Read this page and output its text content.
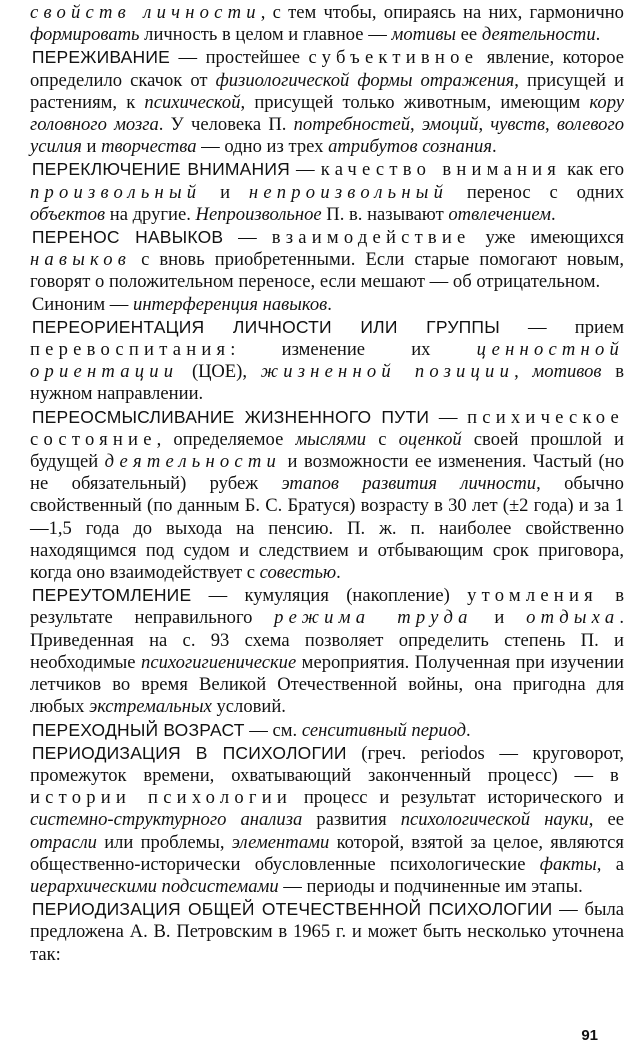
свойств личности, с тем чтобы, опираясь на них, гармонично формировать личность в целом и главное — мотивы ее деятельности.

ПЕРЕЖИВАНИЕ — простейшее субъективное явление, которое определило скачок от физиологической формы отражения, присущей и растениям, к психической, присущей только животным, имеющим кору головного мозга. У человека П. потребностей, эмоций, чувств, волевого усилия и творчества — одно из трех атрибутов сознания.

ПЕРЕКЛЮЧЕНИЕ ВНИМАНИЯ — качество внимания как его произвольный и непроизвольный перенос с одних объектов на другие. Непроизвольное П. в. называют отвлечением.

ПЕРЕНОС НАВЫКОВ — взаимодействие уже имеющихся навыков с вновь приобретенными. Если старые помогают новым, говорят о положительном переносе, если мешают — об отрицательном.

Синоним — интерференция навыков.

ПЕРЕОРИЕНТАЦИЯ ЛИЧНОСТИ ИЛИ ГРУППЫ — прием перевоспитания: изменение их ценностной ориентации (ЦОЕ), жизненной позиции, мотивов в нужном направлении.

ПЕРЕОСМЫСЛИВАНИЕ ЖИЗНЕННОГО ПУТИ — психическое состояние, определяемое мыслями с оценкой своей прошлой и будущей деятельности и возможности ее изменения. Частый (но не обязательный) рубеж этапов развития личности, обычно свойственный (по данным Б. С. Братуся) возрасту в 30 лет (±2 года) и за 1—1,5 года до выхода на пенсию. П. ж. п. наиболее свойственно находящимся под судом и следствием и отбывающим срок приговора, когда оно взаимодействует с совестью.

ПЕРЕУТОМЛЕНИЕ — кумуляция (накопление) утомления в результате неправильного режима труда и отдыха. Приведенная на с. 93 схема позволяет определить степень П. и необходимые психогигиенические мероприятия. Полученная при изучении летчиков во время Великой Отечественной войны, она пригодна для любых экстремальных условий.

ПЕРЕХОДНЫЙ ВОЗРАСТ — см. сенситивный период.

ПЕРИОДИЗАЦИЯ В ПСИХОЛОГИИ (греч. periodos — круговорот, промежуток времени, охватывающий законченный процесс) — в истории психологии процесс и результат исторического и системно-структурного анализа развития психологической науки, ее отрасли или проблемы, элементами которой, взятой за целое, являются общественно-исторически обусловленные психологические факты, а иерархическими подсистемами — периоды и подчиненные им этапы.

ПЕРИОДИЗАЦИЯ ОБЩЕЙ ОТЕЧЕСТВЕННОЙ ПСИХОЛОГИИ — была предложена А. В. Петровским в 1965 г. и может быть несколько уточнена так:

91
